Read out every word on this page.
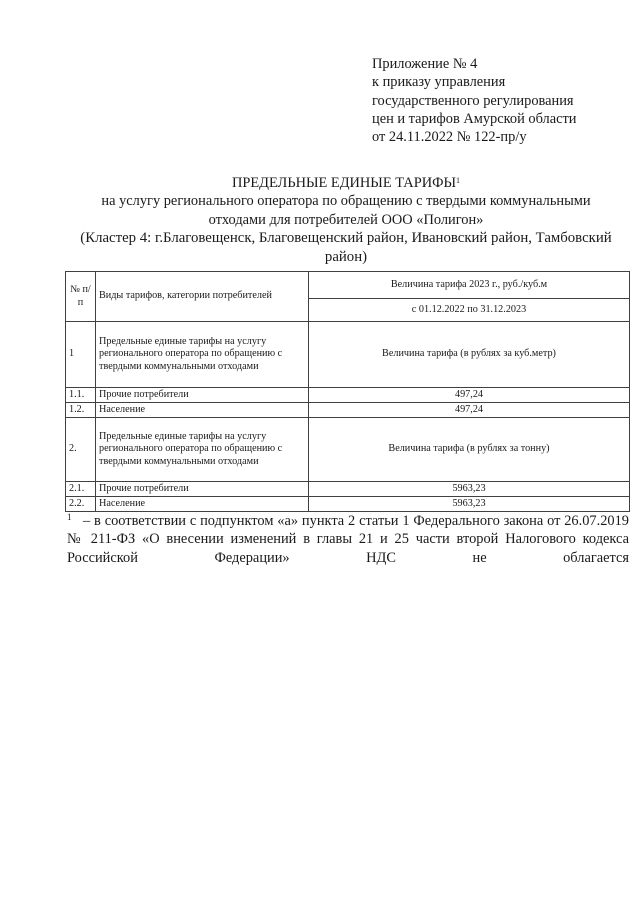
Приложение № 4
к приказу управления
государственного регулирования
цен и тарифов Амурской области
от 24.11.2022 № 122-пр/у
ПРЕДЕЛЬНЫЕ ЕДИНЫЕ ТАРИФЫ$^1$
на услугу регионального оператора по обращению с твердыми коммунальными
отходами для потребителей ООО «Полигон»
(Кластер 4: г.Благовещенск, Благовещенский район, Ивановский район, Тамбовский
район)
№ п/п	Виды тарифов, категории потребителей	Величина тарифа 2023 г., руб./куб.м
		с 01.12.2022 по 31.12.2023
1	Предельные единые тарифы на услугу регионального оператора по обращению с твердыми коммунальными отходами	Величина тарифа (в рублях за куб.метр)
1.1.	Прочие потребители	497,24
1.2.	Население	497,24
2.	Предельные единые тарифы на услугу регионального оператора по обращению с твердыми коммунальными отходами	Величина тарифа (в рублях за тонну)
2.1.	Прочие потребители	5963,23
2.2.	Население	5963,23
1 – в соответствии с подпунктом «а» пункта 2 статьи 1 Федерального закона от 26.07.2019 № 211-ФЗ «О внесении изменений в главы 21 и 25 части второй Налогового кодекса Российской Федерации» НДС не облагается
